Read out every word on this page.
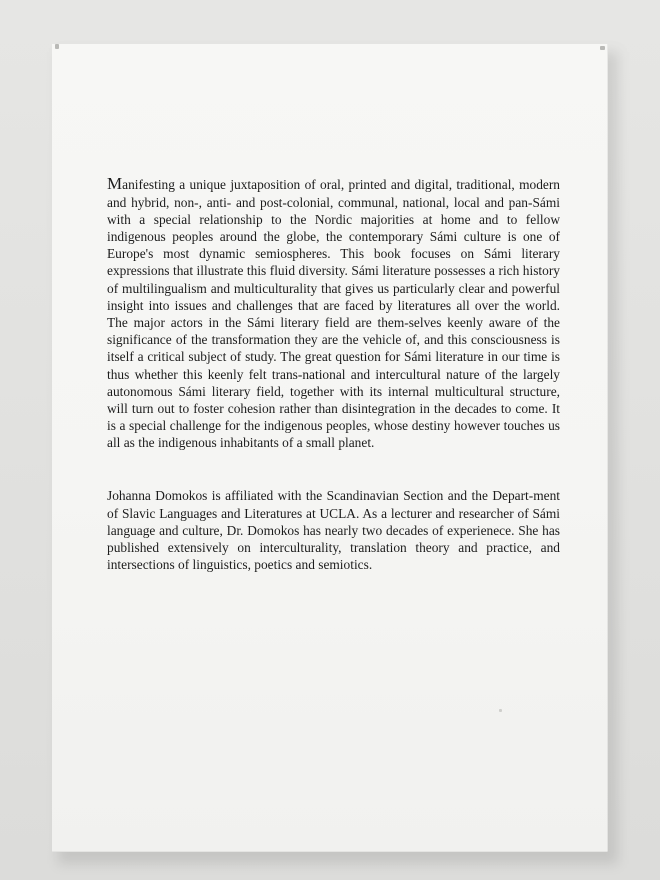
Manifesting a unique juxtaposition of oral, printed and digital, traditional, modern and hybrid, non-, anti- and post-colonial, communal, national, local and pan-Sámi with a special relationship to the Nordic majorities at home and to fellow indigenous peoples around the globe, the contemporary Sámi culture is one of Europe's most dynamic semiospheres. This book focuses on Sámi literary expressions that illustrate this fluid diversity. Sámi literature possesses a rich history of multilingualism and multiculturality that gives us particularly clear and powerful insight into issues and challenges that are faced by literatures all over the world. The major actors in the Sámi literary field are them-selves keenly aware of the significance of the transformation they are the vehicle of, and this consciousness is itself a critical subject of study. The great question for Sámi literature in our time is thus whether this keenly felt trans-national and intercultural nature of the largely autonomous Sámi literary field, together with its internal multicultural structure, will turn out to foster cohesion rather than disintegration in the decades to come. It is a special challenge for the indigenous peoples, whose destiny however touches us all as the indigenous inhabitants of a small planet.

Johanna Domokos is affiliated with the Scandinavian Section and the Depart-ment of Slavic Languages and Literatures at UCLA. As a lecturer and researcher of Sámi language and culture, Dr. Domokos has nearly two decades of experienece. She has published extensively on interculturality, translation theory and practice, and intersections of linguistics, poetics and semiotics.
